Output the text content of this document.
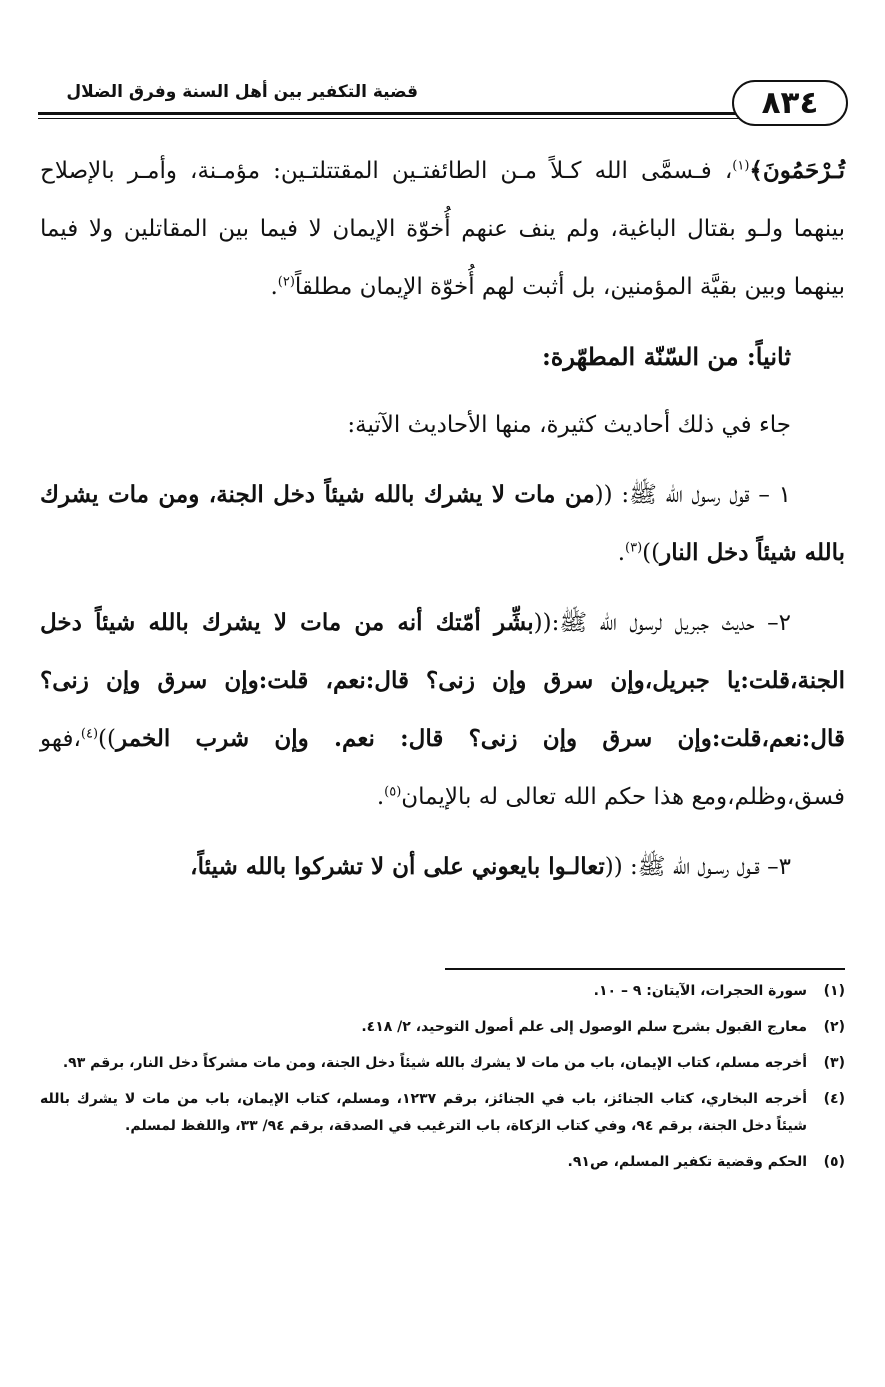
٨٣٤
قضية التكفير بين أهل السنة وفرق الضلال

تُـرْحَمُونَ﴾$^{(١)}$، فـسمَّى الله كـلاً مـن الطائفتـين المقتتلتـين: مؤمـنة، وأمـر بالإصلاح بينهما ولـو بقتال الباغية، ولم ينف عنهم أُخوّة الإيمان لا فيما بين المقاتلين ولا فيما بينهما وبين بقيَّة المؤمنين، بل أثبت لهم أُخوّة الإيمان مطلقاً$^{(٢)}$.

ثانياً: من السّنّة المطهّرة:

جاء في ذلك أحاديث كثيرة، منها الأحاديث الآتية:

١ – قول رسول الله ﷺ: ((من مات لا يشرك بالله شيئاً دخل الجنة، ومن مات يشرك بالله شيئاً دخل النار))$^{(٣)}$.

٢– حديث جبريل لرسول الله ﷺ:((بشِّر أمّتك أنه من مات لا يشرك بالله شيئاً دخل الجنة،قلت:يا جبريل،وإن سرق وإن زنى؟ قال:نعم، قلت:وإن سرق وإن زنى؟ قال:نعم،قلت:وإن سرق وإن زنى؟ قال: نعم. وإن شرب الخمر))$^{(٤)}$،فهو فسق،وظلم،ومع هذا حكم الله تعالى له بالإيمان$^{(٥)}$.

٣– قـول رسـول الله ﷺ: ((تعالـوا بايعوني على أن لا تشركوا بالله شيئاً،

(١)
سورة الحجرات، الآيتان: ٩ – ١٠.
(٢)
معارج القبول بشرح سلم الوصول إلى علم أصول التوحيد، ٢/ ٤١٨.
(٣)
أخرجه مسلم، كتاب الإيمان، باب من مات لا يشرك بالله شيئاً دخل الجنة، ومن مات مشركاً دخل النار، برقم ٩٣.
(٤)
أخرجه البخاري، كتاب الجنائز، باب في الجنائز، برقم ١٢٣٧، ومسلم، كتاب الإيمان، باب من مات لا يشرك بالله شيئاً دخل الجنة، برقم ٩٤، وفي كتاب الزكاة، باب الترغيب في الصدقة، برقم ٩٤/ ٣٣، واللفظ لمسلم.
(٥)
الحكم وقضية تكفير المسلم، ص٩١.
